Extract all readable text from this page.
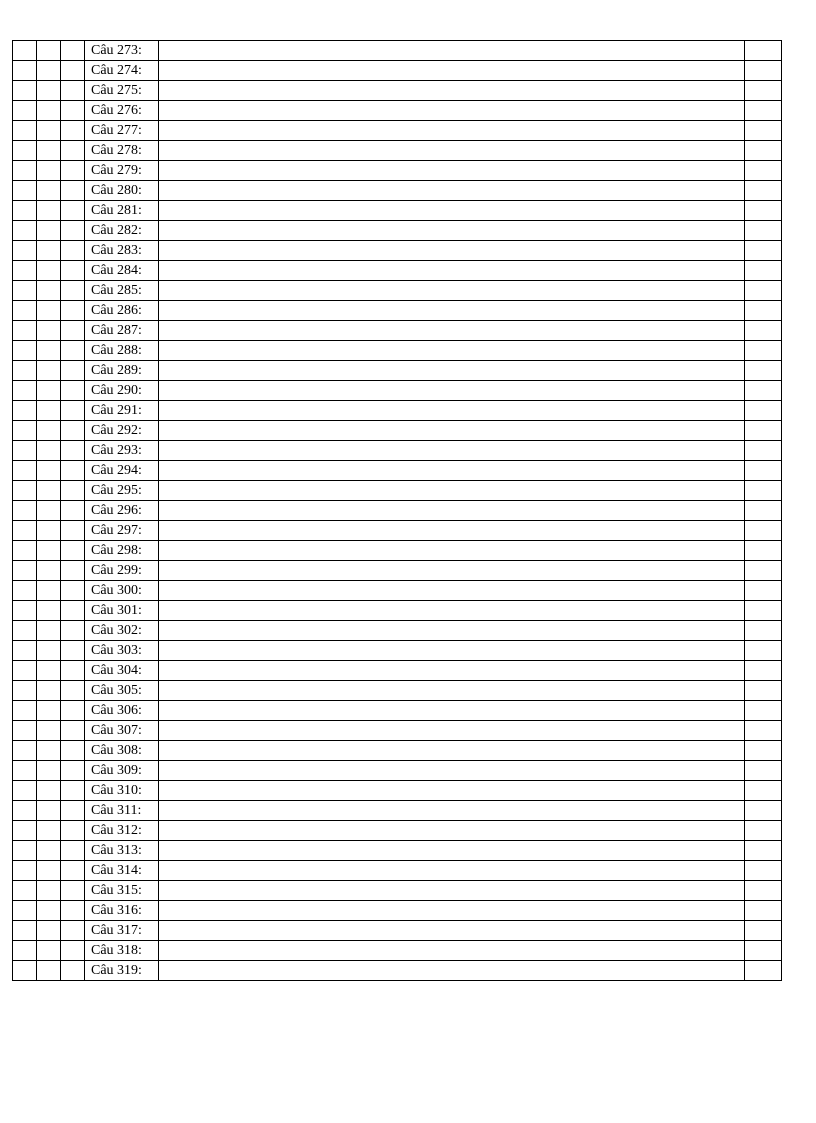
			Câu 273:		
			Câu 274:		
			Câu 275:		
			Câu 276:		
			Câu 277:		
			Câu 278:		
			Câu 279:		
			Câu 280:		
			Câu 281:		
			Câu 282:		
			Câu 283:		
			Câu 284:		
			Câu 285:		
			Câu 286:		
			Câu 287:		
			Câu 288:		
			Câu 289:		
			Câu 290:		
			Câu 291:		
			Câu 292:		
			Câu 293:		
			Câu 294:		
			Câu 295:		
			Câu 296:		
			Câu 297:		
			Câu 298:		
			Câu 299:		
			Câu 300:		
			Câu 301:		
			Câu 302:		
			Câu 303:		
			Câu 304:		
			Câu 305:		
			Câu 306:		
			Câu 307:		
			Câu 308:		
			Câu 309:		
			Câu 310:		
			Câu 311:		
			Câu 312:		
			Câu 313:		
			Câu 314:		
			Câu 315:		
			Câu 316:		
			Câu 317:		
			Câu 318:		
			Câu 319:		
